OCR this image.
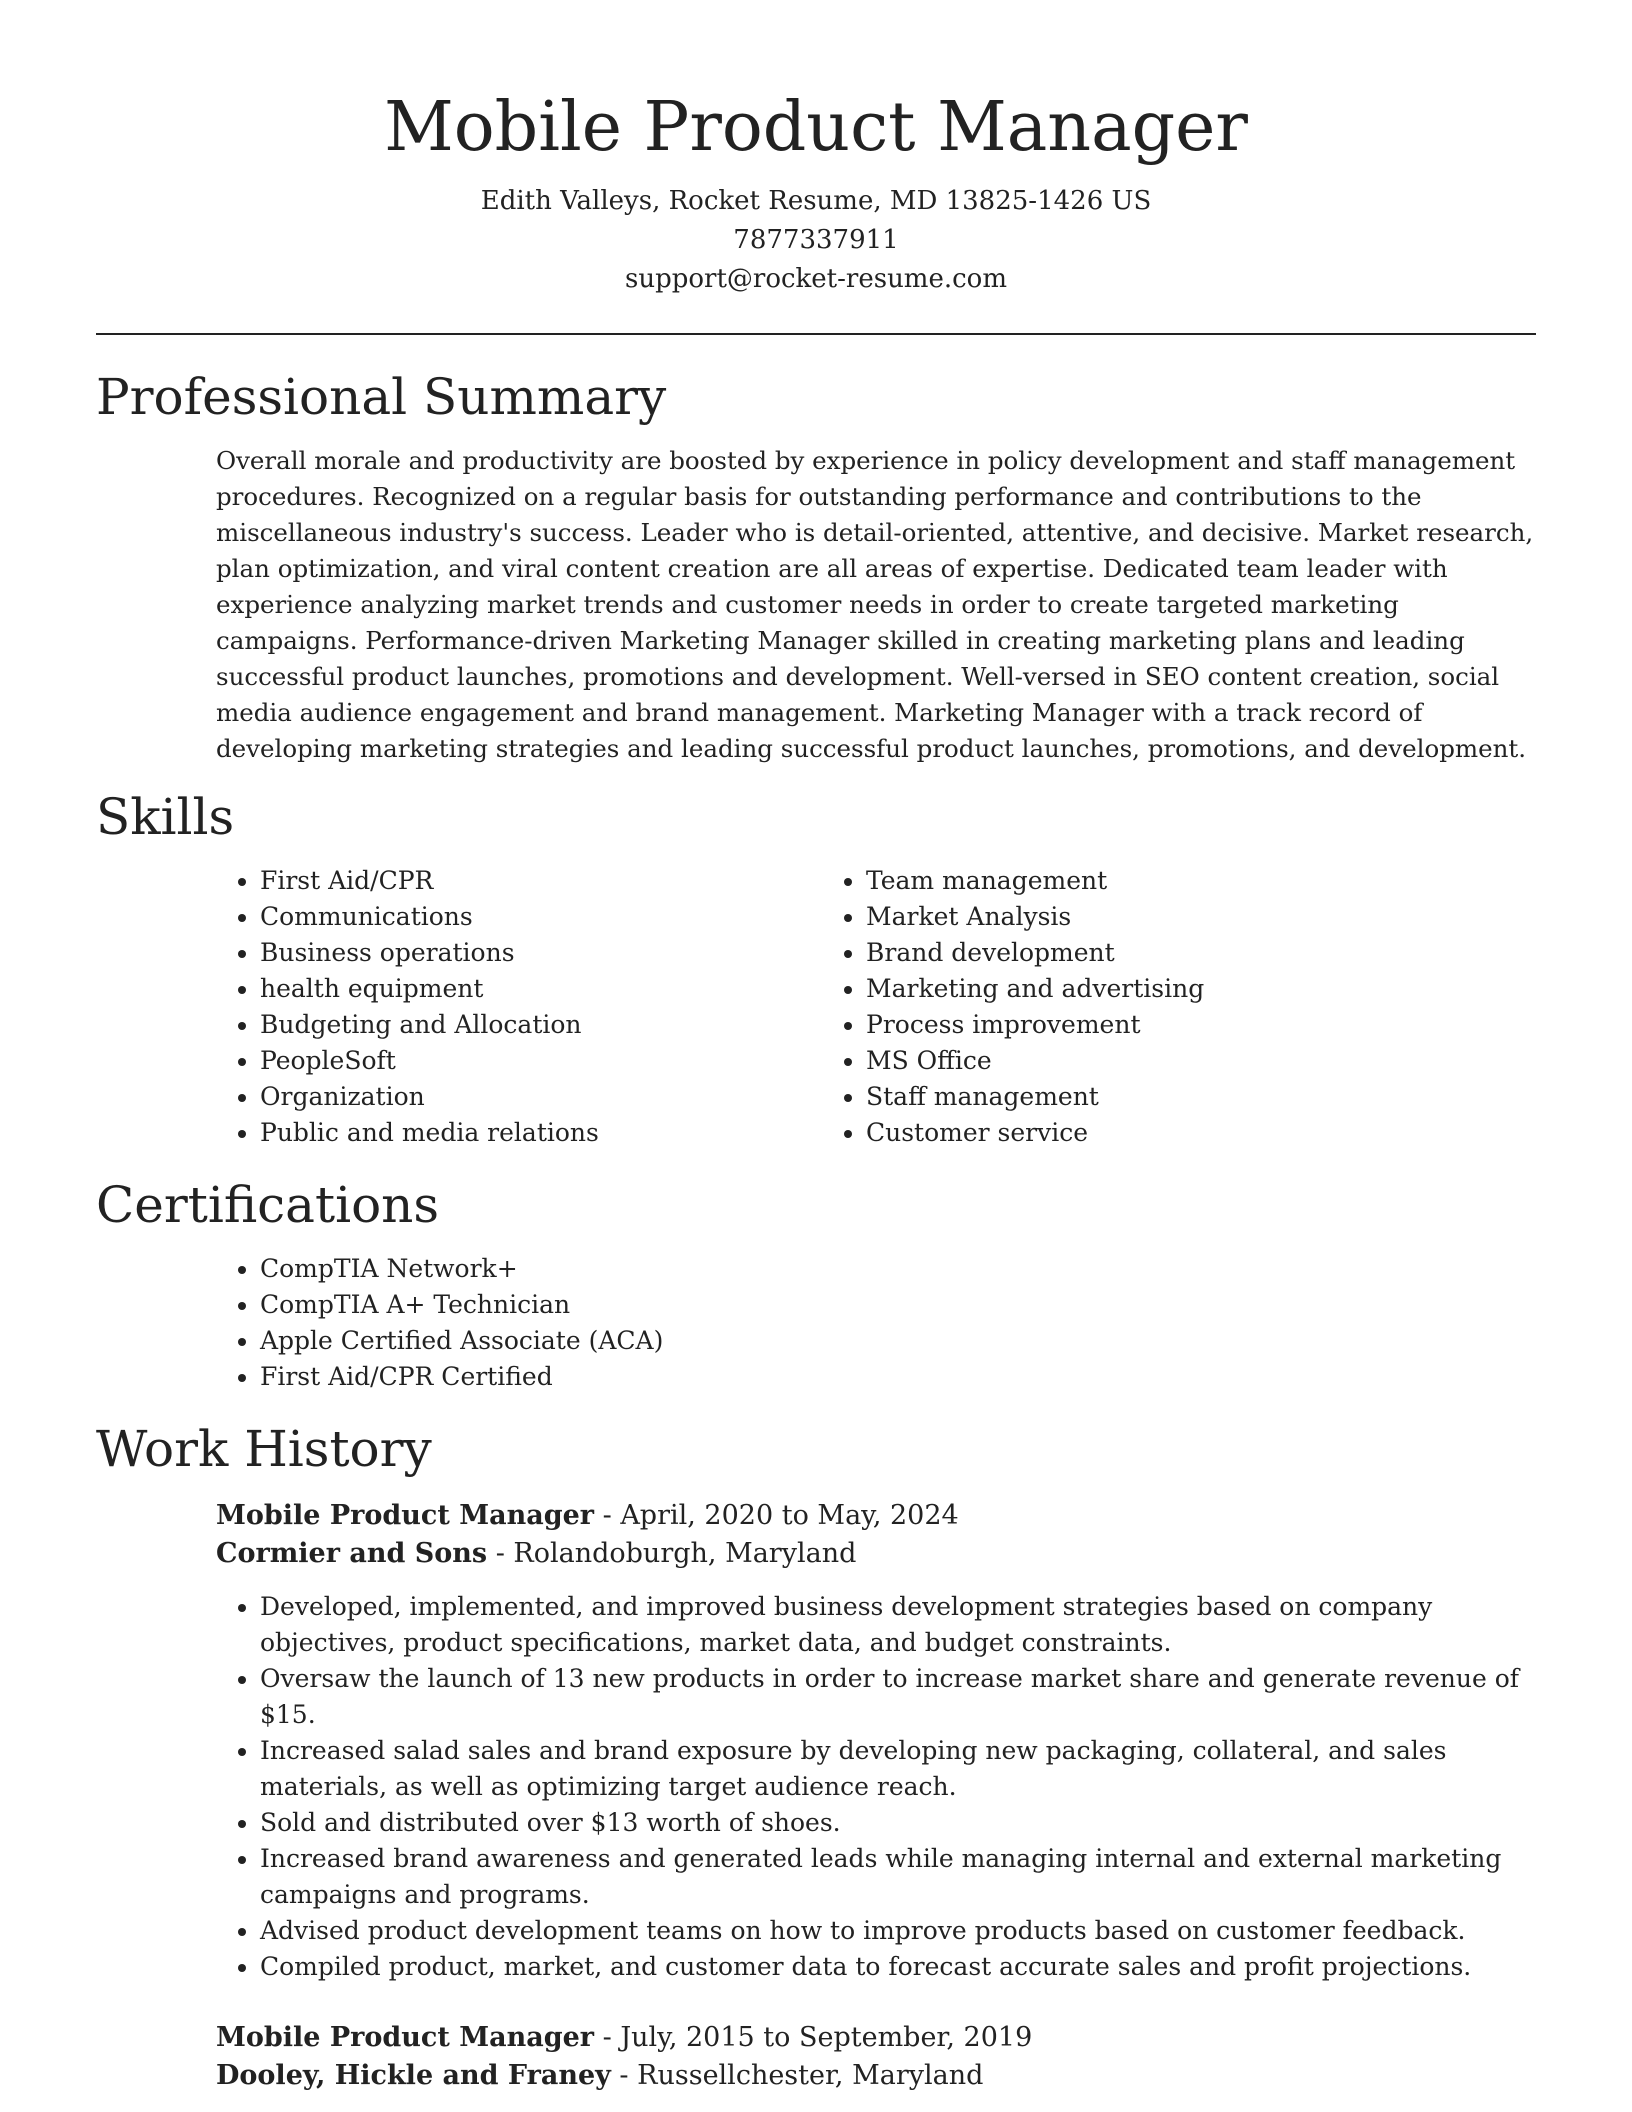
Mobile Product Manager

Edith Valleys, Rocket Resume, MD 13825-1426 US

7877337911

support@rocket-resume.com

Professional Summary

Overall morale and productivity are boosted by experience in policy development and staff management procedures. Recognized on a regular basis for outstanding performance and contributions to the miscellaneous industry's success. Leader who is detail-oriented, attentive, and decisive. Market research, plan optimization, and viral content creation are all areas of expertise. Dedicated team leader with experience analyzing market trends and customer needs in order to create targeted marketing campaigns. Performance-driven Marketing Manager skilled in creating marketing plans and leading successful product launches, promotions and development. Well-versed in SEO content creation, social media audience engagement and brand management. Marketing Manager with a track record of developing marketing strategies and leading successful product launches, promotions, and development.

Skills
• First Aid/CPR
• Communications
• Business operations
• health equipment
• Budgeting and Allocation
• PeopleSoft
• Organization
• Public and media relations
• Team management
• Market Analysis
• Brand development
• Marketing and advertising
• Process improvement
• MS Office
• Staff management
• Customer service
Certifications
• CompTIA Network+
• CompTIA A+ Technician
• Apple Certified Associate (ACA)
• First Aid/CPR Certified
Work History

Mobile Product Manager - April, 2020 to May, 2024

Cormier and Sons - Rolandoburgh, Maryland

• Developed, implemented, and improved business development strategies based on company objectives, product specifications, market data, and budget constraints.
• Oversaw the launch of 13 new products in order to increase market share and generate revenue of $15.
• Increased salad sales and brand exposure by developing new packaging, collateral, and sales materials, as well as optimizing target audience reach.
• Sold and distributed over $13 worth of shoes.
• Increased brand awareness and generated leads while managing internal and external marketing campaigns and programs.
• Advised product development teams on how to improve products based on customer feedback.
• Compiled product, market, and customer data to forecast accurate sales and profit projections.

Mobile Product Manager - July, 2015 to September, 2019

Dooley, Hickle and Franey - Russellchester, Maryland
